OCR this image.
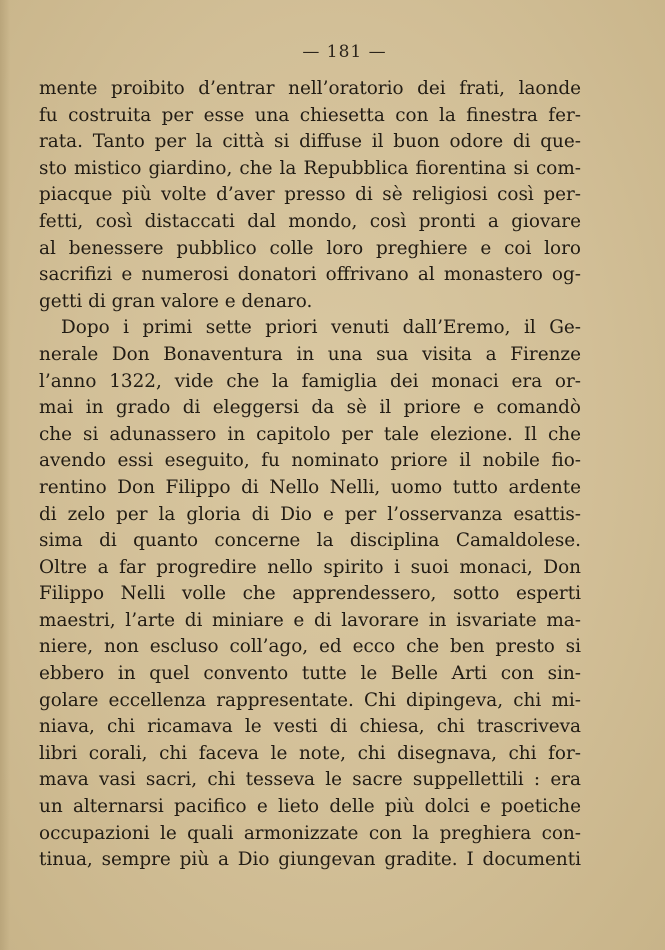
— 181 —
mente proibito d’entrar nell’oratorio dei frati, laonde
fu costruita per esse una chiesetta con la finestra fer-
rata. Tanto per la città si diffuse il buon odore di que-
sto mistico giardino, che la Repubblica fiorentina si com-
piacque più volte d’aver presso di sè religiosi così per-
fetti, così distaccati dal mondo, così pronti a giovare
al benessere pubblico colle loro preghiere e coi loro
sacrifizi e numerosi donatori offrivano al monastero og-
getti di gran valore e denaro.
Dopo i primi sette priori venuti dall’Eremo, il Ge-
nerale Don Bonaventura in una sua visita a Firenze
l’anno 1322, vide che la famiglia dei monaci era or-
mai in grado di eleggersi da sè il priore e comandò
che si adunassero in capitolo per tale elezione. Il che
avendo essi eseguito, fu nominato priore il nobile fio-
rentino Don Filippo di Nello Nelli, uomo tutto ardente
di zelo per la gloria di Dio e per l’osservanza esattis-
sima di quanto concerne la disciplina Camaldolese.
Oltre a far progredire nello spirito i suoi monaci, Don
Filippo Nelli volle che apprendessero, sotto esperti
maestri, l’arte di miniare e di lavorare in isvariate ma-
niere, non escluso coll’ago, ed ecco che ben presto si
ebbero in quel convento tutte le Belle Arti con sin-
golare eccellenza rappresentate. Chi dipingeva, chi mi-
niava, chi ricamava le vesti di chiesa, chi trascriveva
libri corali, chi faceva le note, chi disegnava, chi for-
mava vasi sacri, chi tesseva le sacre suppellettili : era
un alternarsi pacifico e lieto delle più dolci e poetiche
occupazioni le quali armonizzate con la preghiera con-
tinua, sempre più a Dio giungevan gradite. I documenti
